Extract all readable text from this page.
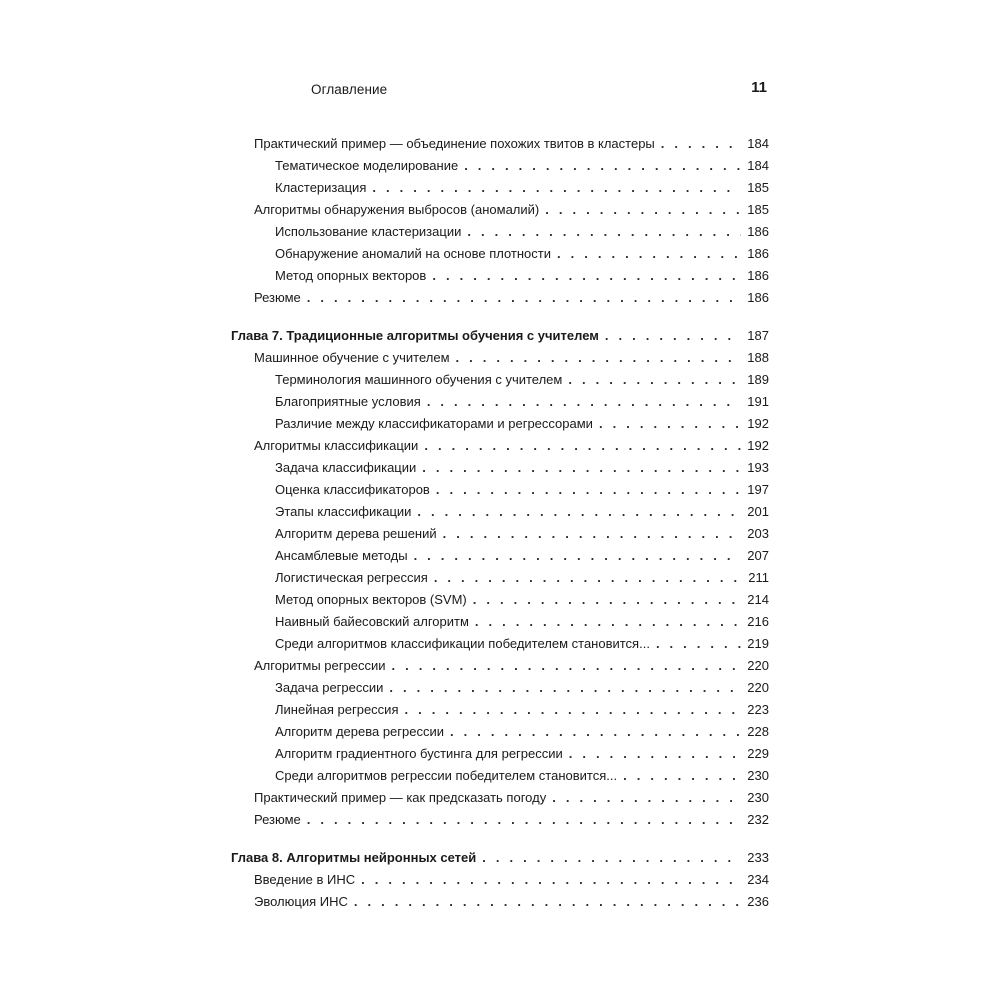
Оглавление	11
Практический пример — объединение похожих твитов в кластеры . . .	184
Тематическое моделирование . . .	184
Кластеризация . . .	185
Алгоритмы обнаружения выбросов (аномалий) . . .	185
Использование кластеризации . . .	186
Обнаружение аномалий на основе плотности . . .	186
Метод опорных векторов . . .	186
Резюме . . .	186
Глава 7. Традиционные алгоритмы обучения с учителем . . .	187
Машинное обучение с учителем . . .	188
Терминология машинного обучения с учителем . . .	189
Благоприятные условия . . .	191
Различие между классификаторами и регрессорами . . .	192
Алгоритмы классификации . . .	192
Задача классификации . . .	193
Оценка классификаторов . . .	197
Этапы классификации . . .	201
Алгоритм дерева решений . . .	203
Ансамблевые методы . . .	207
Логистическая регрессия . . .	211
Метод опорных векторов (SVM) . . .	214
Наивный байесовский алгоритм . . .	216
Среди алгоритмов классификации победителем становится... . . .	219
Алгоритмы регрессии . . .	220
Задача регрессии . . .	220
Линейная регрессия . . .	223
Алгоритм дерева регрессии . . .	228
Алгоритм градиентного бустинга для регрессии . . .	229
Среди алгоритмов регрессии победителем становится... . . .	230
Практический пример — как предсказать погоду . . .	230
Резюме . . .	232
Глава 8. Алгоритмы нейронных сетей . . .	233
Введение в ИНС . . .	234
Эволюция ИНС . . .	236
